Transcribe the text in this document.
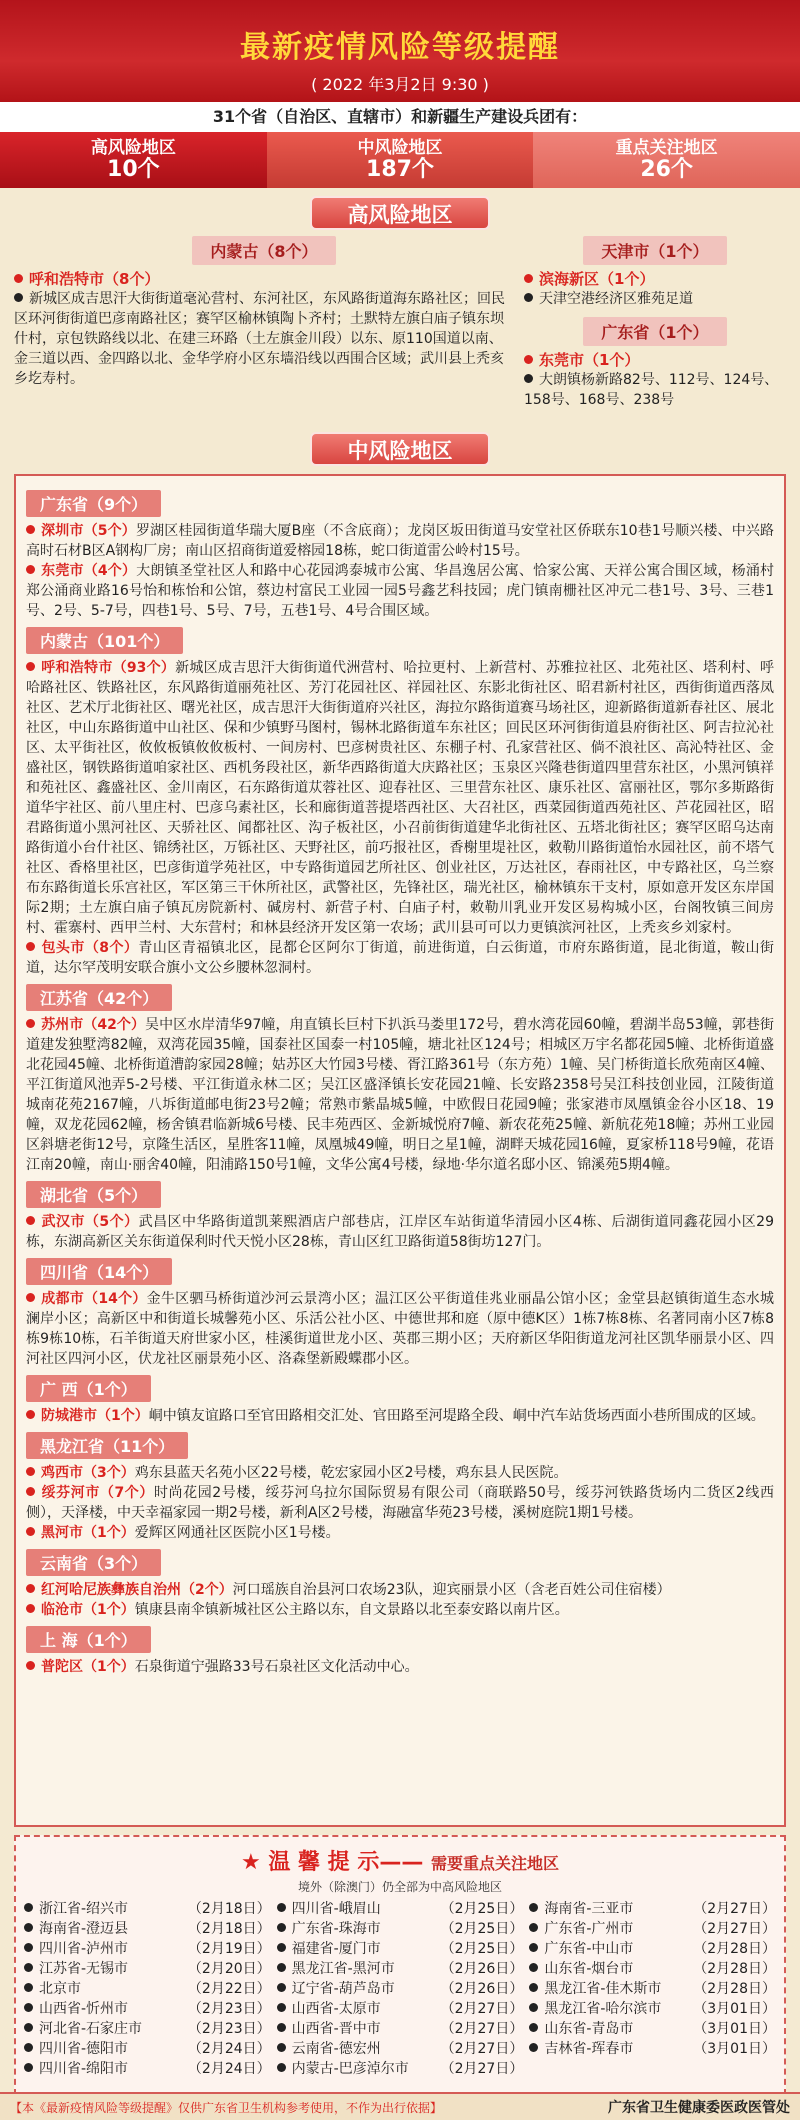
最新疫情风险等级提醒
( 2022 年3月2日 9:30 )
31个省（自治区、直辖市）和新疆生产建设兵团有：
高风险地区
10个
中风险地区
187个
重点关注地区
26个
高风险地区
内蒙古（8个）
呼和浩特市（8个）
新城区成吉思汗大街街道毫沁营村、东河社区，东风路街道海东路社区；回民区环河街街道巴彦南路社区；赛罕区榆林镇陶卜齐村；土默特左旗白庙子镇东坝什村，京包铁路线以北、在建三环路（土左旗金川段）以东、原110国道以南、金三道以西、金四路以北、金华学府小区东墙沿线以西围合区域；武川县上秃亥乡圪寿村。
天津市（1个）
滨海新区（1个）
天津空港经济区雅苑足道
广东省（1个）
东莞市（1个）
大朗镇杨新路82号、112号、124号、158号、168号、238号
中风险地区
广东省（9个）
深圳市（5个）罗湖区桂园街道华瑞大厦B座（不含底商）；龙岗区坂田街道马安堂社区侨联东10巷1号顺兴楼、中兴路高时石材B区A钢构厂房；南山区招商街道爱榕园18栋，蛇口街道雷公岭村15号。
东莞市（4个）大朗镇圣堂社区人和路中心花园鸿泰城市公寓、华昌逸居公寓、恰家公寓、天祥公寓合围区域，杨涌村郑公涌商业路16号怡和栋怡和公馆，蔡边村富民工业园一园5号鑫艺科技园；虎门镇南栅社区冲元二巷1号、3号、三巷1号、2号、5-7号，四巷1号、5号、7号，五巷1号、4号合围区域。
内蒙古（101个）
呼和浩特市（93个）新城区成吉思汗大街街道代洲营村、哈拉更村、上新营村、苏雅拉社区、北苑社区、塔利村、呼哈路社区、铁路社区，东风路街道丽苑社区、芳汀花园社区、祥园社区、东影北街社区、昭君新村社区，西街街道西落凤社区、艺术厅北街社区、曙光社区，成吉思汗大街街道府兴社区，海拉尔路街道赛马场社区，迎新路街道新春社区、展北社区，中山东路街道中山社区、保和少镇野马图村，锡林北路街道车东社区；回民区环河街街道县府街社区、阿吉拉沁社区、太平街社区，攸攸板镇攸攸板村、一间房村、巴彦树贵社区、东棚子村、孔家营社区、倘不浪社区、高沁特社区、金盛社区，钢铁路街道咱家社区、西机务段社区，新华西路街道大庆路社区；玉泉区兴隆巷街道四里营东社区，小黑河镇祥和苑社区、鑫盛社区、金川南区，石东路街道苁蓉社区、迎春社区、三里营东社区、康乐社区、富丽社区，鄂尔多斯路街道华宇社区、前八里庄村、巴彦乌素社区，长和廊街道菩提塔西社区、大召社区，西菜园街道西苑社区、芦花园社区，昭君路街道小黑河社区、天骄社区、闻都社区、沟子板社区，小召前街街道建华北街社区、五塔北街社区；赛罕区昭乌达南路街道小台什社区、锦绣社区，万铄社区、天野社区，前巧报社区，香榭里堤社区，敕勒川路街道怡水园社区，前不塔气社区、香格里社区，巴彦街道学苑社区，中专路街道园艺所社区、创业社区，万达社区，春雨社区，中专路社区，乌兰察布东路街道长乐宫社区，军区第三干休所社区，武警社区，先锋社区，瑞光社区，榆林镇东干支村，原如意开发区东岸国际2期；土左旗白庙子镇瓦房院新村、碱房村、新营子村、白庙子村，敕勒川乳业开发区易构城小区，台阁牧镇三间房村、霍寨村、西甲兰村、大东营村；和林县经济开发区第一农场；武川县可可以力更镇滨河社区，上秃亥乡刘家村。
包头市（8个）青山区青福镇北区，昆都仑区阿尔丁街道，前进街道，白云街道，市府东路街道，昆北街道，鞍山街道，达尔罕茂明安联合旗小文公乡腰林忽洞村。
江苏省（42个）
苏州市（42个）吴中区水岸清华97幢，甪直镇长巨村下扒浜马娄里172号，碧水湾花园60幢，碧湖半岛53幢，郭巷街道建发独墅湾82幢，双湾花园35幢，国泰社区国泰一村105幢，塘北社区124号；相城区万宇名都花园5幢、北桥街道盛北花园45幢、北桥街道漕韵家园28幢；姑苏区大竹园3号楼、胥江路361号（东方苑）1幢、吴门桥街道长欣苑南区4幢、平江街道风池弄5-2号楼、平江街道永林二区；吴江区盛泽镇长安花园21幢、长安路2358号吴江科技创业园，江陵街道城南花苑2167幢，八坼街道邮电街23号2幢；常熟市紫晶城5幢，中欧假日花园9幢；张家港市凤凰镇金谷小区18、19幢，双龙花园62幢，杨舍镇君临新城6号楼、民丰苑西区、金新城悦府7幢、新农花苑25幢、新航花苑18幢；苏州工业园区斜塘老街12号，京隆生活区，星胜客11幢，凤凰城49幢，明日之星1幢，湖畔天城花园16幢，夏家桥118号9幢，花语江南20幢，南山·丽舍40幢，阳浦路150号1幢，文华公寓4号楼，绿地·华尔道名邸小区、锦溪苑5期4幢。
湖北省（5个）
武汉市（5个）武昌区中华路街道凯莱熙酒店户部巷店，江岸区车站街道华清园小区4栋、后湖街道同鑫花园小区29栋，东湖高新区关东街道保利时代天悦小区28栋，青山区红卫路街道58街坊127门。
四川省（14个）
成都市（14个）金牛区驷马桥街道沙河云景湾小区；温江区公平街道佳兆业丽晶公馆小区；金堂县赵镇街道生态水城澜岸小区；高新区中和街道长城馨苑小区、乐活公社小区、中德世邦和庭（原中德K区）1栋7栋8栋、名著同南小区7栋8栋9栋10栋，石羊街道天府世家小区，桂溪街道世龙小区、英郡三期小区；天府新区华阳街道龙河社区凯华丽景小区、四河社区四河小区，伏龙社区丽景苑小区、洛森堡新殿蝶郡小区。
广 西（1个）
防城港市（1个）峒中镇友谊路口至官田路相交汇处、官田路至河堤路全段、峒中汽车站货场西面小巷所围成的区域。
黑龙江省（11个）
鸡西市（3个）鸡东县蓝天名苑小区22号楼，乾宏家园小区2号楼，鸡东县人民医院。
绥芬河市（7个）时尚花园2号楼，绥芬河乌拉尔国际贸易有限公司（商联路50号，绥芬河铁路货场内二货区2线西侧），天泽楼，中天幸福家园一期2号楼，新利A区2号楼，海融富华苑23号楼，溪树庭院1期1号楼。
黑河市（1个）爱辉区网通社区医院小区1号楼。
云南省（3个）
红河哈尼族彝族自治州（2个）河口瑶族自治县河口农场23队，迎宾丽景小区（含老百姓公司住宿楼）
临沧市（1个）镇康县南伞镇新城社区公主路以东，自文景路以北至泰安路以南片区。
上 海（1个）
普陀区（1个）石泉街道宁强路33号石泉社区文化活动中心。
★ 温 馨 提 示—— 需要重点关注地区
境外（除澳门）仍全部为中高风险地区
浙江省-绍兴市	（2月18日）	四川省-峨眉山	（2月25日）	海南省-三亚市	（2月27日）
海南省-澄迈县	（2月18日）	广东省-珠海市	（2月25日）	广东省-广州市	（2月27日）
四川省-泸州市	（2月19日）	福建省-厦门市	（2月25日）	广东省-中山市	（2月28日）
江苏省-无锡市	（2月20日）	黑龙江省-黑河市	（2月26日）	山东省-烟台市	（2月28日）
北京市	（2月22日）	辽宁省-葫芦岛市	（2月26日）	黑龙江省-佳木斯市 （2月28日）
山西省-忻州市	（2月23日）	山西省-太原市	（2月27日）	黑龙江省-哈尔滨市 （3月01日）
河北省-石家庄市	（2月23日）	山西省-晋中市	（2月27日）	山东省-青岛市	（3月01日）
四川省-德阳市	（2月24日）	云南省-德宏州	（2月27日）	吉林省-珲春市	（3月01日）
四川省-绵阳市	（2月24日）	内蒙古-巴彦淖尔市 （2月27日）
【本《最新疫情风险等级提醒》仅供广东省卫生机构参考使用，不作为出行依据】	广东省卫生健康委医政医管处
